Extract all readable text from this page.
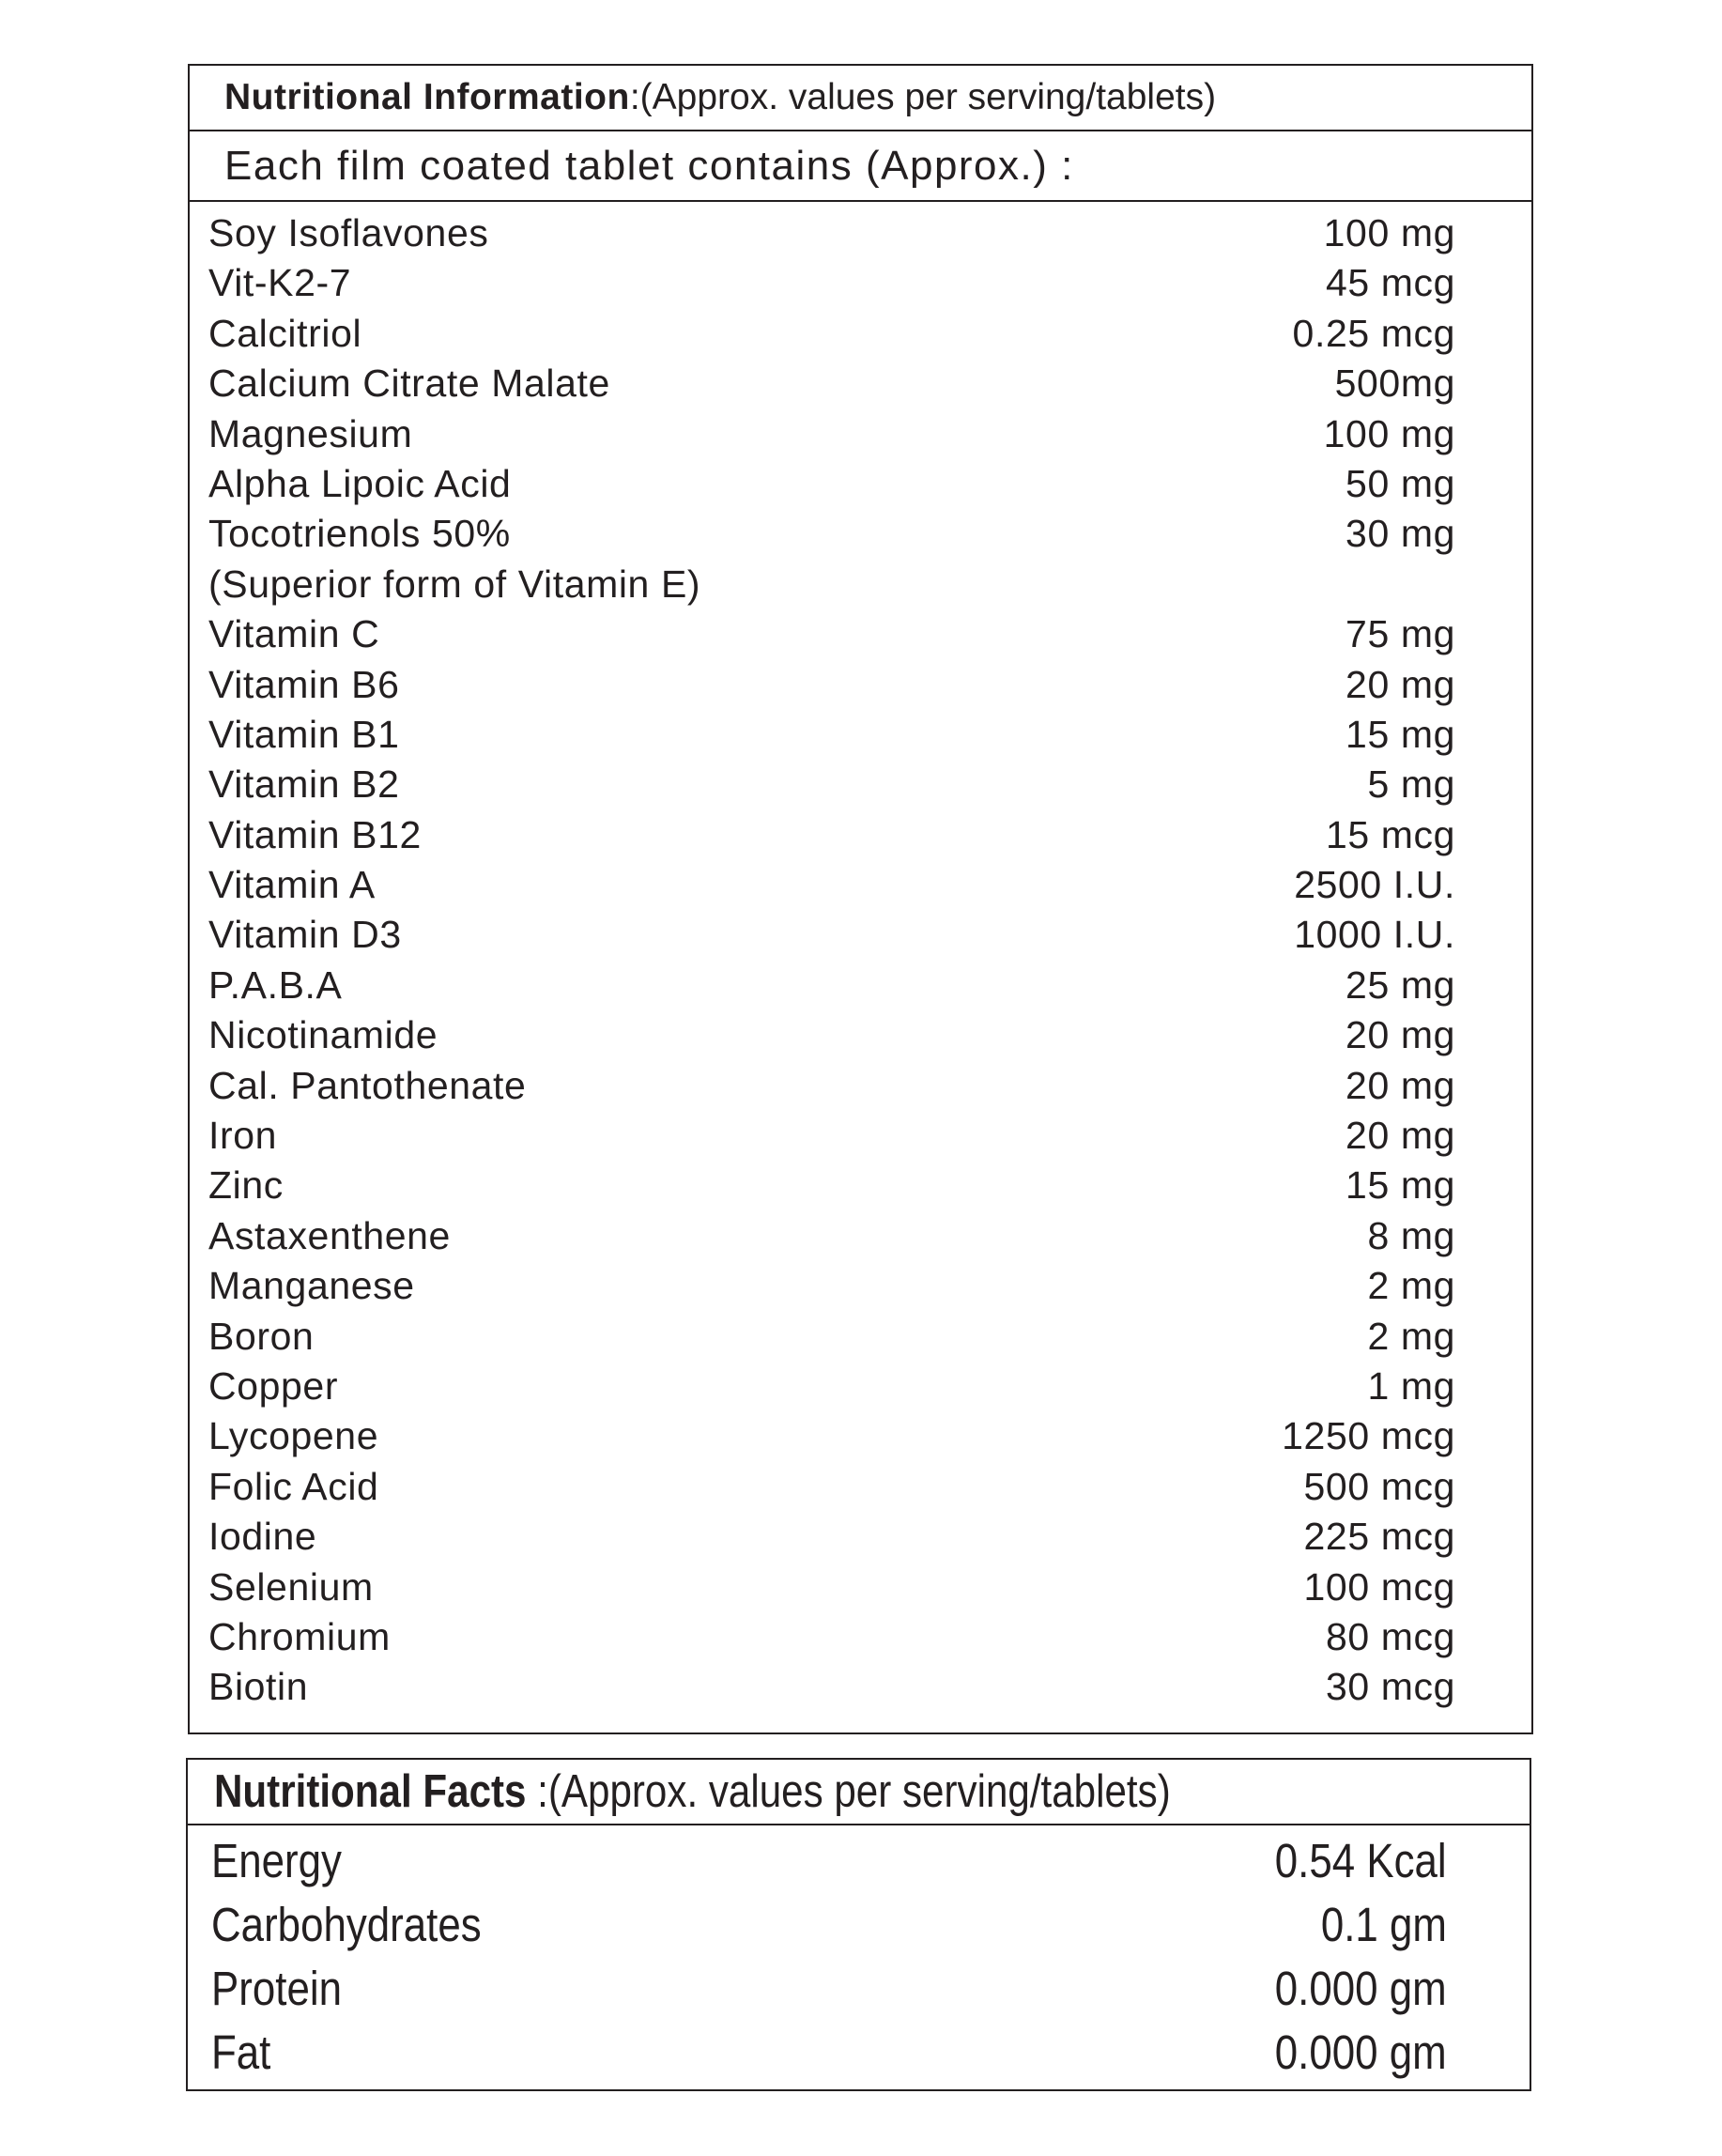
Nutritional Information :(Approx. values per serving/tablets)
Each film coated tablet contains (Approx.) :
Soy Isoflavones	100 mg
Vit-K2-7	45 mcg
Calcitriol	0.25 mcg
Calcium Citrate Malate	500mg
Magnesium	100 mg
Alpha Lipoic Acid	50 mg
Tocotrienols 50%	30 mg
(Superior form of Vitamin E)
Vitamin C	75 mg
Vitamin B6	20 mg
Vitamin B1	15 mg
Vitamin B2	5 mg
Vitamin B12	15 mcg
Vitamin A	2500 I.U.
Vitamin D3	1000 I.U.
P.A.B.A	25 mg
Nicotinamide	20 mg
Cal. Pantothenate	20 mg
Iron	20 mg
Zinc	15 mg
Astaxenthene	8 mg
Manganese	2 mg
Boron	2 mg
Copper	1 mg
Lycopene	1250 mcg
Folic Acid	500 mcg
Iodine	225 mcg
Selenium	100 mcg
Chromium	80 mcg
Biotin	30 mcg
Nutritional Facts :(Approx. values per serving/tablets)
Energy	0.54 Kcal
Carbohydrates	0.1 gm
Protein	0.000 gm
Fat	0.000 gm
